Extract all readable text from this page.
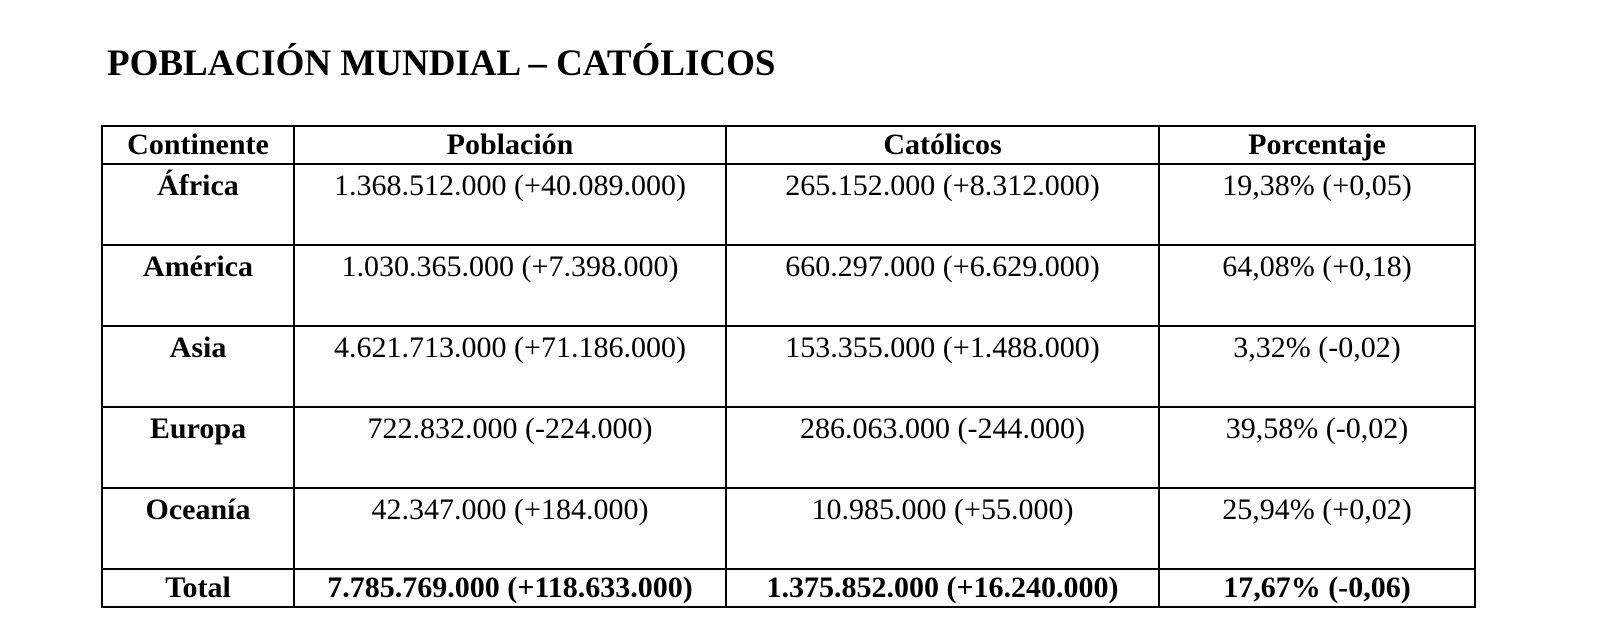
POBLACIÓN MUNDIAL – CATÓLICOS
Continente	Población	Católicos	Porcentaje
África	1.368.512.000 (+40.089.000)	265.152.000 (+8.312.000)	19,38% (+0,05)
América	1.030.365.000 (+7.398.000)	660.297.000 (+6.629.000)	64,08% (+0,18)
Asia	4.621.713.000 (+71.186.000)	153.355.000 (+1.488.000)	3,32% (-0,02)
Europa	722.832.000 (-224.000)	286.063.000 (-244.000)	39,58% (-0,02)
Oceanía	42.347.000 (+184.000)	10.985.000 (+55.000)	25,94% (+0,02)
Total	7.785.769.000 (+118.633.000)	1.375.852.000 (+16.240.000)	17,67% (-0,06)
